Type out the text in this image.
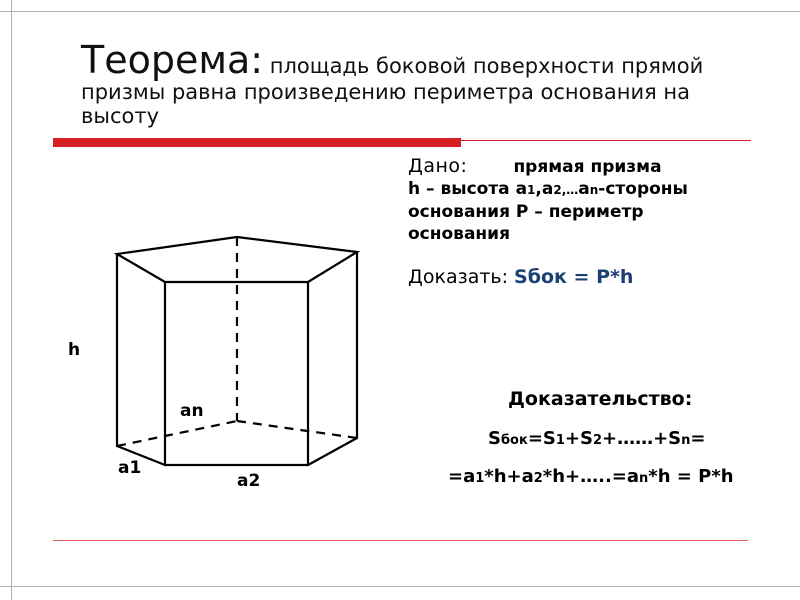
Теорема: площадь боковой поверхности прямой призмы равна произведению периметра основания на высоту
Дано:	прямая призма
h – высота a1,a2,…an-стороны
основания P – периметр
основания
Доказать: Sбок = P*h
Доказательство:
Sбок=S1+S2+……+Sn=
=a1*h+a2*h+…..=an*h = P*h
h
an
a1
a2
